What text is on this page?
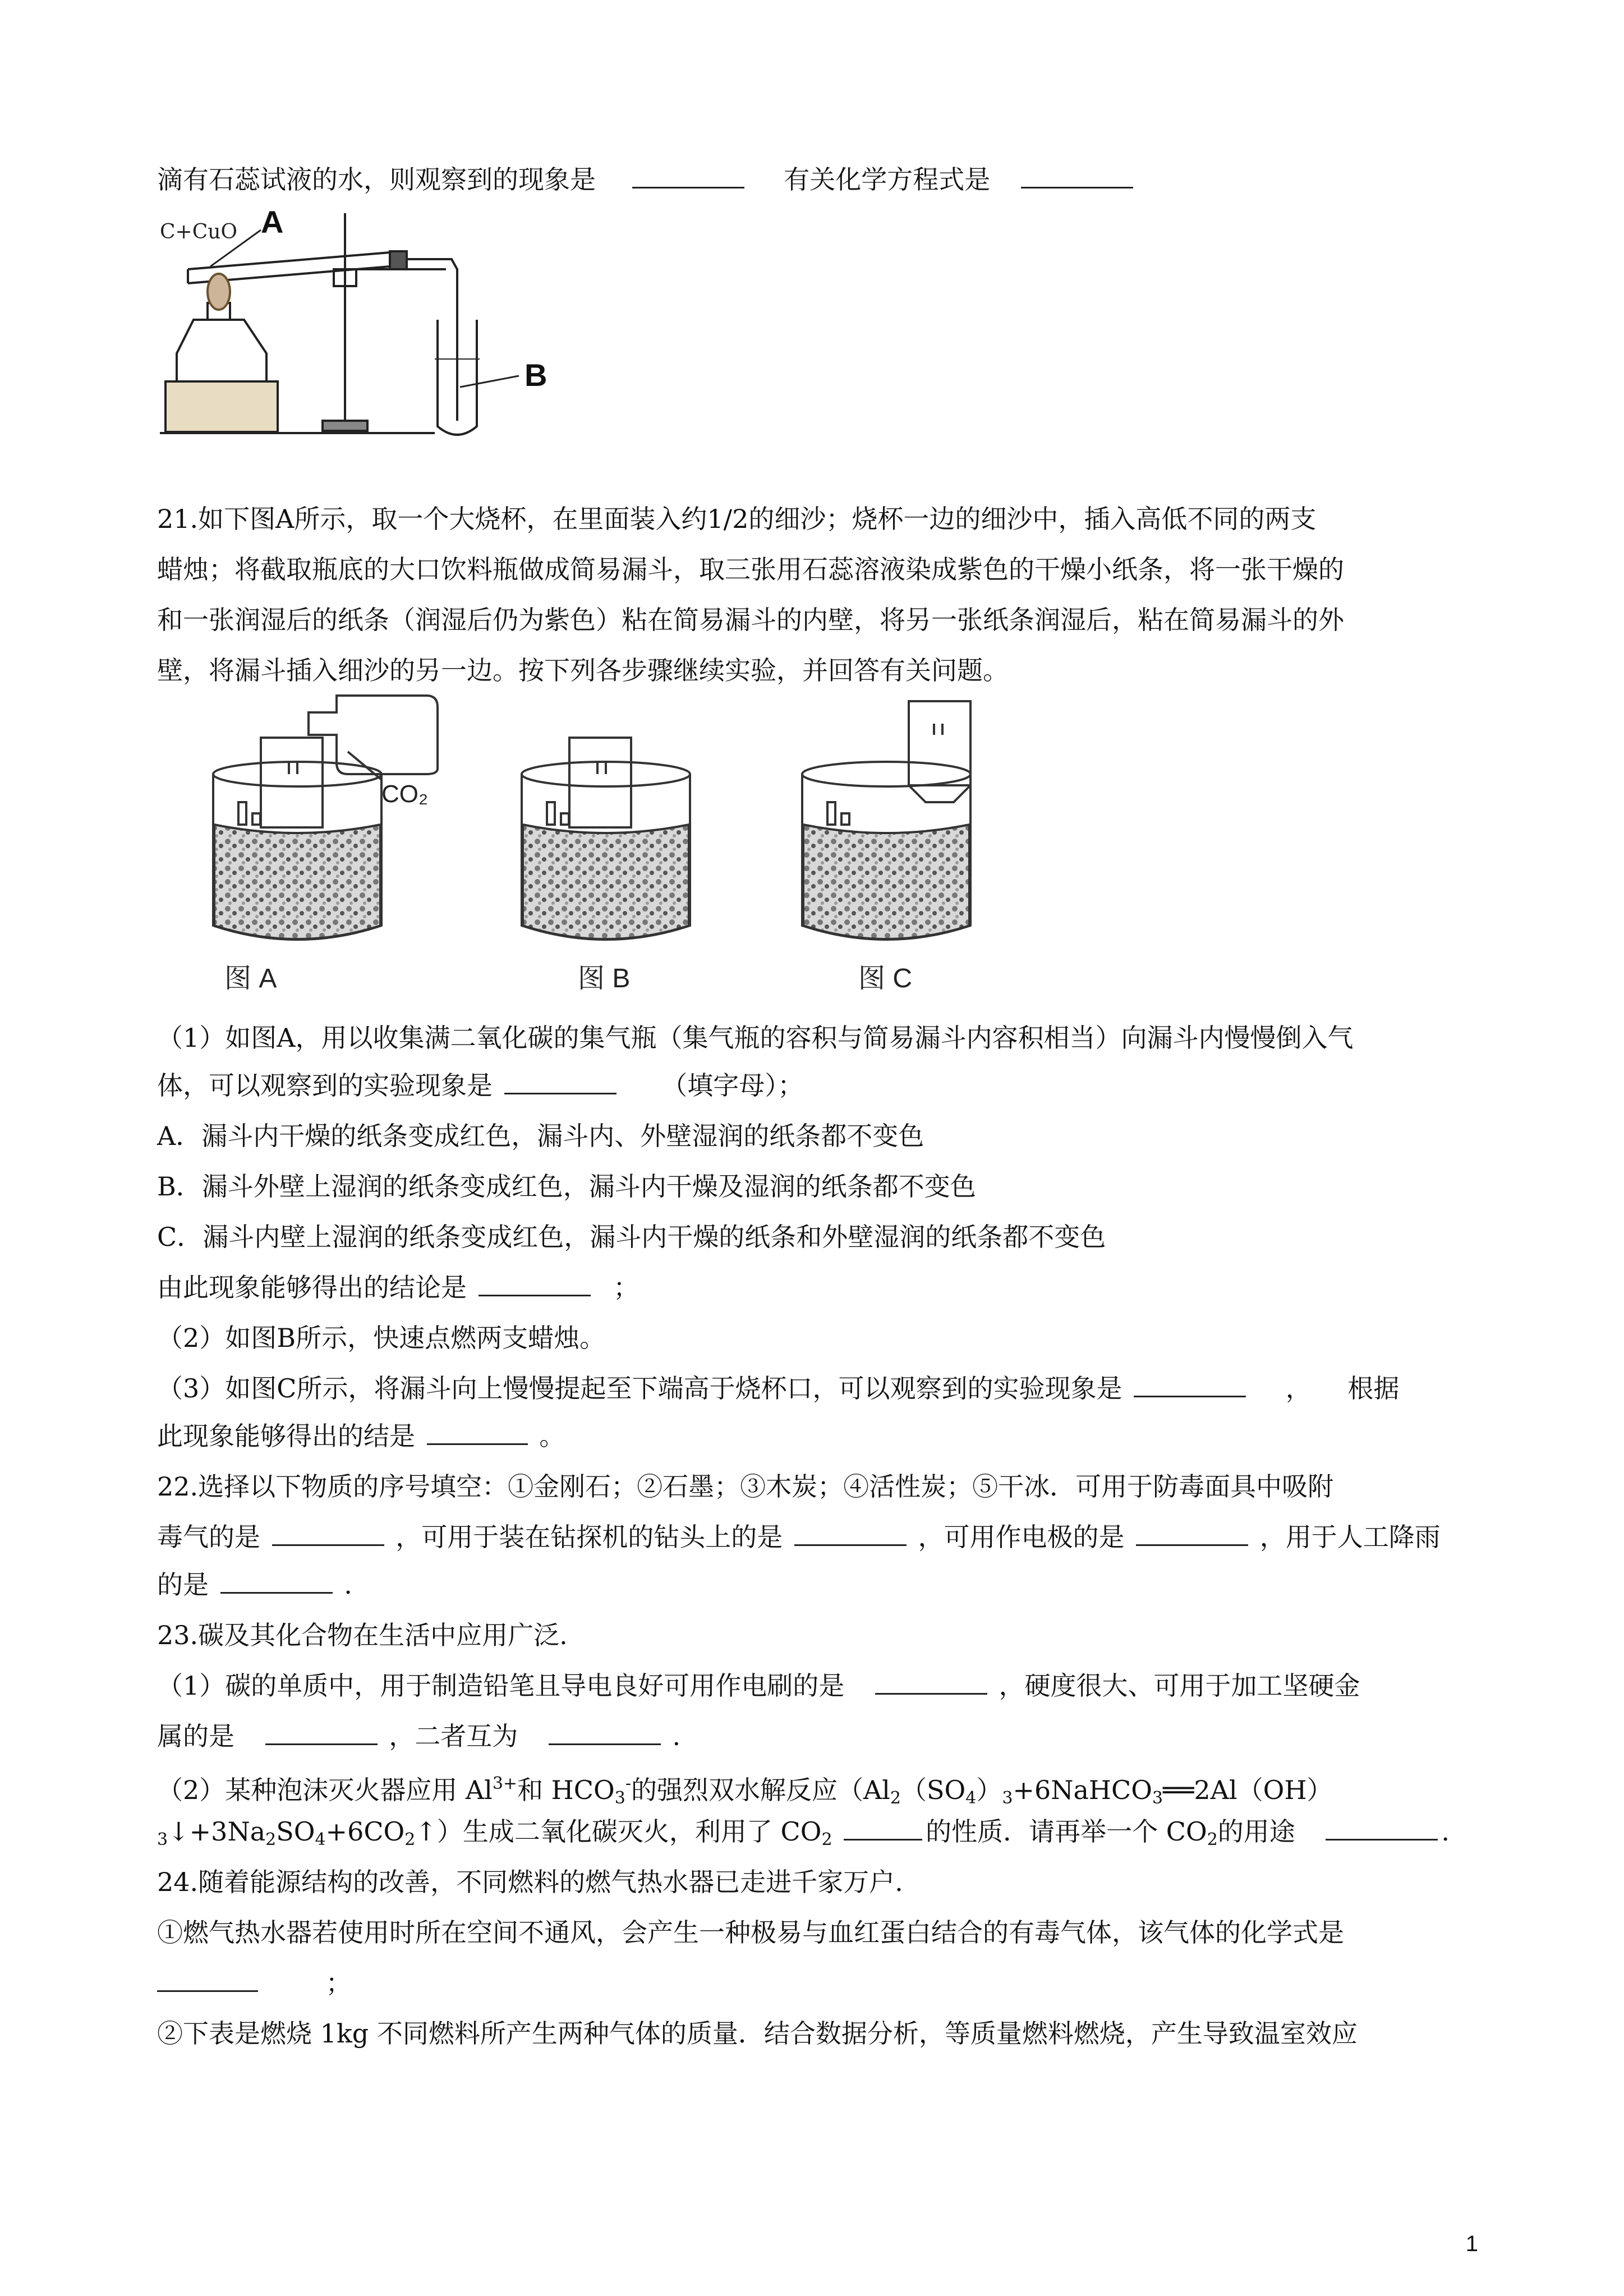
滴有石蕊试液的水，则观察到的现象是	有关化学方程式是
C+CuO A
B
21.如下图A所示，取一个大烧杯，在里面装入约1/2的细沙；烧杯一边的细沙中，插入高低不同的两支
蜡烛；将截取瓶底的大口饮料瓶做成简易漏斗，取三张用石蕊溶液染成紫色的干燥小纸条，将一张干燥的
和一张润湿后的纸条（润湿后仍为紫色）粘在简易漏斗的内壁，将另一张纸条润湿后，粘在简易漏斗的外
壁，将漏斗插入细沙的另一边。按下列各步骤继续实验，并回答有关问题。
CO₂
图 A	图 B	图 C
（1）如图A，用以收集满二氧化碳的集气瓶（集气瓶的容积与简易漏斗内容积相当）向漏斗内慢慢倒入气
体，可以观察到的实验现象是	（填字母）；
A．漏斗内干燥的纸条变成红色，漏斗内、外壁湿润的纸条都不变色
B．漏斗外壁上湿润的纸条变成红色，漏斗内干燥及湿润的纸条都不变色
C．漏斗内壁上湿润的纸条变成红色，漏斗内干燥的纸条和外壁湿润的纸条都不变色
由此现象能够得出的结论是	；
（2）如图B所示，快速点燃两支蜡烛。
（3）如图C所示，将漏斗向上慢慢提起至下端高于烧杯口，可以观察到的实验现象是	， 根据
此现象能够得出的结是	。
22.选择以下物质的序号填空：①金刚石；②石墨；③木炭；④活性炭；⑤干冰．可用于防毒面具中吸附
毒气的是	，可用于装在钻探机的钻头上的是	，可用作电极的是	，用于人工降雨
的是	.
23.碳及其化合物在生活中应用广泛.
（1）碳的单质中，用于制造铅笔且导电良好可用作电刷的是	，硬度很大、可用于加工坚硬金
属的是	，二者互为	.
（2）某种泡沫灭火器应用 $Al^{3+}$和 $HCO_3^-$的强烈双水解反应（$Al_2(SO_4)_3+6NaHCO_3══2Al(OH)$
$_3↓+3Na_2SO_4+6CO_2↑$）生成二氧化碳灭火，利用了 $CO_2$	的性质．请再举一个 $CO_2$的用途	.
24.随着能源结构的改善，不同燃料的燃气热水器已走进千家万户.
①燃气热水器若使用时所在空间不通风，会产生一种极易与血红蛋白结合的有毒气体，该气体的化学式是
；
②下表是燃烧 1kg 不同燃料所产生两种气体的质量．结合数据分析，等质量燃料燃烧，产生导致温室效应
1
